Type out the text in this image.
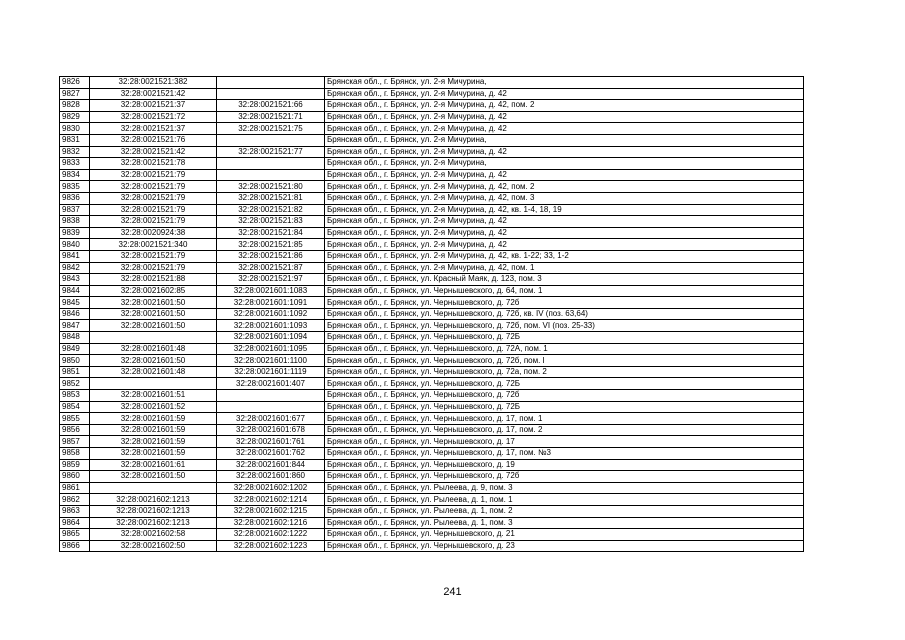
9826	32:28:0021521:382		Брянская обл., г. Брянск, ул. 2-я Мичурина,
9827	32:28:0021521:42		Брянская обл., г. Брянск, ул. 2-я Мичурина, д. 42
9828	32:28:0021521:37	32:28:0021521:66	Брянская обл., г. Брянск, ул. 2-я Мичурина, д. 42, пом. 2
9829	32:28:0021521:72	32:28:0021521:71	Брянская обл., г. Брянск, ул. 2-я Мичурина, д. 42
9830	32:28:0021521:37	32:28:0021521:75	Брянская обл., г. Брянск, ул. 2-я Мичурина, д. 42
9831	32:28:0021521:76		Брянская обл., г. Брянск, ул. 2-я Мичурина,
9832	32:28:0021521:42	32:28:0021521:77	Брянская обл., г. Брянск, ул. 2-я Мичурина, д. 42
9833	32:28:0021521:78		Брянская обл., г. Брянск, ул. 2-я Мичурина,
9834	32:28:0021521:79		Брянская обл., г. Брянск, ул. 2-я Мичурина, д. 42
9835	32:28:0021521:79	32:28:0021521:80	Брянская обл., г. Брянск, ул. 2-я Мичурина, д. 42, пом. 2
9836	32:28:0021521:79	32:28:0021521:81	Брянская обл., г. Брянск, ул. 2-я Мичурина, д. 42, пом. 3
9837	32:28:0021521:79	32:28:0021521:82	Брянская обл., г. Брянск, ул. 2-я Мичурина, д. 42, кв. 1-4, 18, 19
9838	32:28:0021521:79	32:28:0021521:83	Брянская обл., г. Брянск, ул. 2-я Мичурина, д. 42
9839	32:28:0020924:38	32:28:0021521:84	Брянская обл., г. Брянск, ул. 2-я Мичурина, д. 42
9840	32:28:0021521:340	32:28:0021521:85	Брянская обл., г. Брянск, ул. 2-я Мичурина, д. 42
9841	32:28:0021521:79	32:28:0021521:86	Брянская обл., г. Брянск, ул. 2-я Мичурина, д. 42, кв. 1-22; 33, 1-2
9842	32:28:0021521:79	32:28:0021521:87	Брянская обл., г. Брянск, ул. 2-я Мичурина, д. 42, пом. 1
9843	32:28:0021521:88	32:28:0021521:97	Брянская обл., г. Брянск, ул. Красный Маяк, д. 123, пом. 3
9844	32:28:0021602:85	32:28:0021601:1083	Брянская обл., г. Брянск, ул. Чернышевского, д. 64, пом. 1
9845	32:28:0021601:50	32:28:0021601:1091	Брянская обл., г. Брянск, ул. Чернышевского, д. 72б
9846	32:28:0021601:50	32:28:0021601:1092	Брянская обл., г. Брянск, ул. Чернышевского, д. 72б, кв. IV (поз. 63,64)
9847	32:28:0021601:50	32:28:0021601:1093	Брянская обл., г. Брянск, ул. Чернышевского, д. 72б, пом. VI (поз. 25-33)
9848		32:28:0021601:1094	Брянская обл., г. Брянск, ул. Чернышевского, д. 72Б
9849	32:28:0021601:48	32:28:0021601:1095	Брянская обл., г. Брянск, ул. Чернышевского, д. 72А, пом. 1
9850	32:28:0021601:50	32:28:0021601:1100	Брянская обл., г. Брянск, ул. Чернышевского, д. 72б, пом. I
9851	32:28:0021601:48	32:28:0021601:1119	Брянская обл., г. Брянск, ул. Чернышевского, д. 72а, пом. 2
9852		32:28:0021601:407	Брянская обл., г. Брянск, ул. Чернышевского, д. 72Б
9853	32:28:0021601:51		Брянская обл., г. Брянск, ул. Чернышевского, д. 72б
9854	32:28:0021601:52		Брянская обл., г. Брянск, ул. Чернышевского, д. 72Б
9855	32:28:0021601:59	32:28:0021601:677	Брянская обл., г. Брянск, ул. Чернышевского, д. 17, пом. 1
9856	32:28:0021601:59	32:28:0021601:678	Брянская обл., г. Брянск, ул. Чернышевского, д. 17, пом. 2
9857	32:28:0021601:59	32:28:0021601:761	Брянская обл., г. Брянск, ул. Чернышевского, д. 17
9858	32:28:0021601:59	32:28:0021601:762	Брянская обл., г. Брянск, ул. Чернышевского, д. 17, пом. №3
9859	32:28:0021601:61	32:28:0021601:844	Брянская обл., г. Брянск, ул. Чернышевского, д. 19
9860	32:28:0021601:50	32:28:0021601:860	Брянская обл., г. Брянск, ул. Чернышевского, д. 72б
9861		32:28:0021602:1202	Брянская обл., г. Брянск, ул. Рылеева, д. 9, пом. 3
9862	32:28:0021602:1213	32:28:0021602:1214	Брянская обл., г. Брянск, ул. Рылеева, д. 1, пом. 1
9863	32:28:0021602:1213	32:28:0021602:1215	Брянская обл., г. Брянск, ул. Рылеева, д. 1, пом. 2
9864	32:28:0021602:1213	32:28:0021602:1216	Брянская обл., г. Брянск, ул. Рылеева, д. 1, пом. 3
9865	32:28:0021602:58	32:28:0021602:1222	Брянская обл., г. Брянск, ул. Чернышевского, д. 21
9866	32:28:0021602:50	32:28:0021602:1223	Брянская обл., г. Брянск, ул. Чернышевского, д. 23
241
